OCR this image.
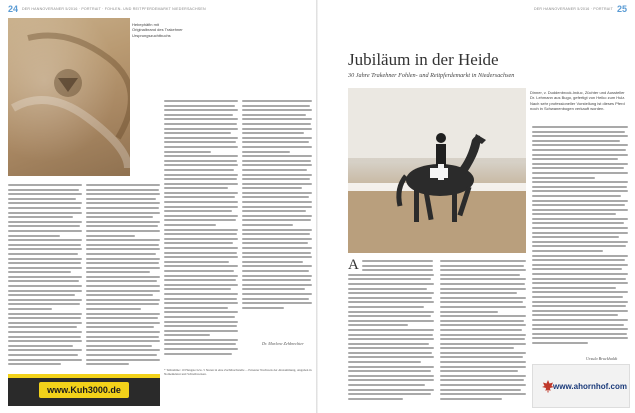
24 DER HANNOVERANER 5/2016 · PORTRAIT · FOHLEN- UND REITPFERDEMARKT NIEDERSACHSEN
Hebephäfin mit
Originalbrand des Trakehner
Ursprungszuchtbuchs
Dr. Marlene Zehbrechter
* Teilnahme: 10 Hengste bzw. 5 Stuten in eine Zuchtbuchstelle ... Erneuter Nachweis der Abstammung, Angaben in Nomenklatur und Schreibweisen.
www.Kuh3000.de
DER HANNOVERANER 5/2016 · PORTRAIT 25
Jubiläum in der Heide
30 Jahre Trakehner Fohlen- und Reitpferdemarkt in Niedersachsen
Dinner, v. Duddenbrock-Induc, Züchter und Aussteller
Dr. Lehmann aus Bugo, gefertigt von Heiko zum Hulz.
Nach sehr professioneller Vorstellung ist dieses Pferd
noch in Schwanenbogen verkauft worden.
A
Ursula Bruckhaldt
www.ahornhof.com
